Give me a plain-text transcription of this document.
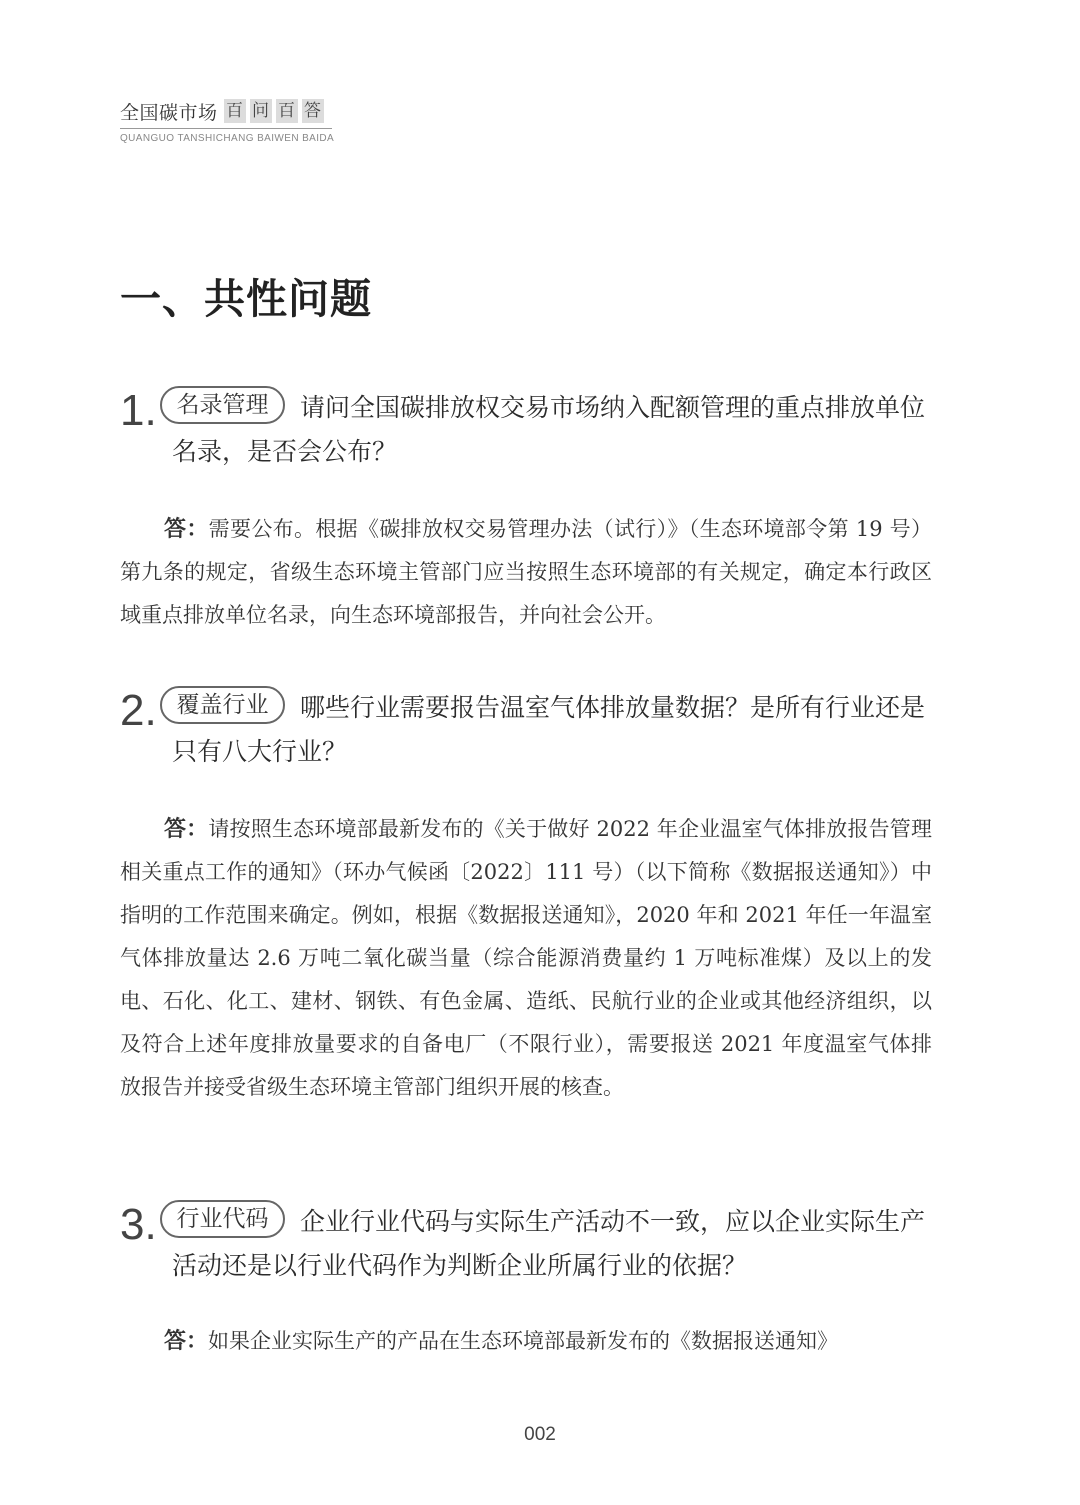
全国碳市场 百 问 百 答
QUANGUO TANSHICHANG BAIWEN BAIDA
一、共性问题
1. 名录管理	请问全国碳排放权交易市场纳入配额管理的重点排放单位名录，是否会公布？

答：需要公布。根据《碳排放权交易管理办法（试行）》（生态环境部令第 19 号）第九条的规定，省级生态环境主管部门应当按照生态环境部的有关规定，确定本行政区域重点排放单位名录，向生态环境部报告，并向社会公开。

2. 覆盖行业	哪些行业需要报告温室气体排放量数据？是所有行业还是只有八大行业？

答：请按照生态环境部最新发布的《关于做好 2022 年企业温室气体排放报告管理相关重点工作的通知》（环办气候函〔2022〕111 号）（以下简称《数据报送通知》）中指明的工作范围来确定。例如，根据《数据报送通知》，2020 年和 2021 年任一年温室气体排放量达 2.6 万吨二氧化碳当量（综合能源消费量约 1 万吨标准煤）及以上的发电、石化、化工、建材、钢铁、有色金属、造纸、民航行业的企业或其他经济组织，以及符合上述年度排放量要求的自备电厂（不限行业），需要报送 2021 年度温室气体排放报告并接受省级生态环境主管部门组织开展的核查。

3. 行业代码	企业行业代码与实际生产活动不一致，应以企业实际生产活动还是以行业代码作为判断企业所属行业的依据？

答：如果企业实际生产的产品在生态环境部最新发布的《数据报送通知》

002
